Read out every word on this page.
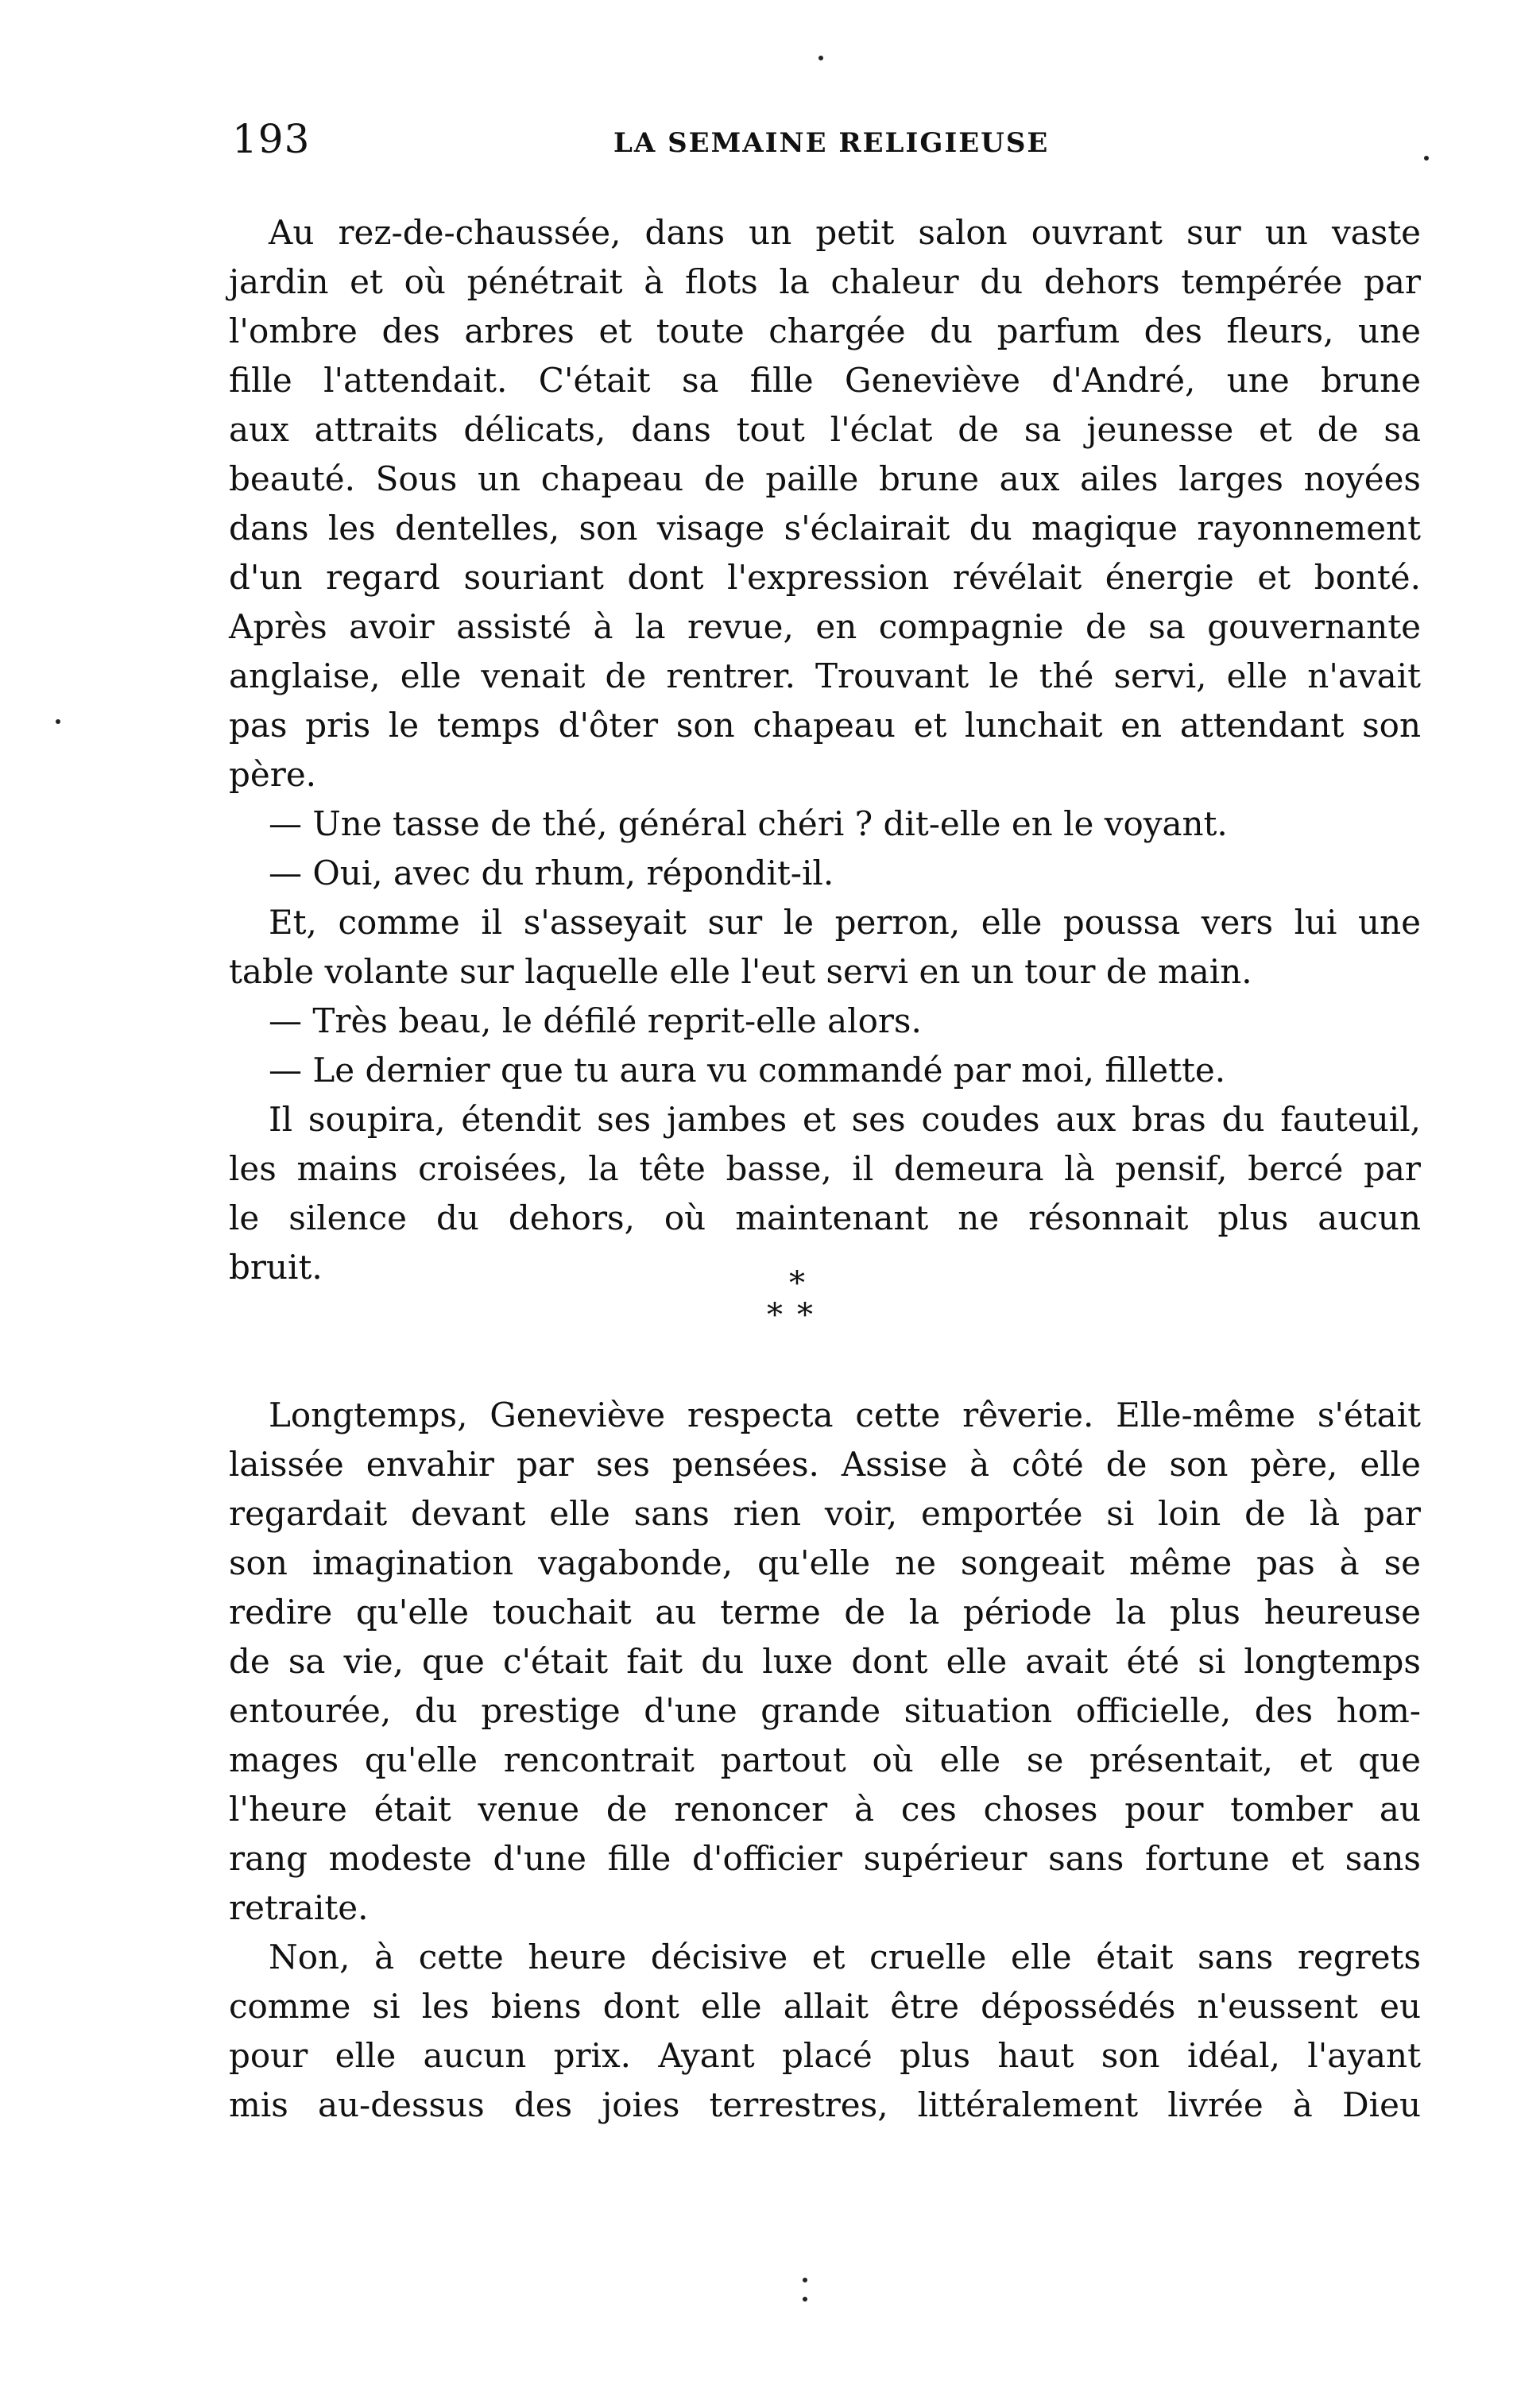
193	LA SEMAINE RELIGIEUSE
Au rez-de-chaussée, dans un petit salon ouvrant sur un vaste
jardin et où pénétrait à flots la chaleur du dehors tempérée par
l'ombre des arbres et toute chargée du parfum des fleurs, une
fille l'attendait. C'était sa fille Geneviève d'André, une brune
aux attraits délicats, dans tout l'éclat de sa jeunesse et de sa
beauté. Sous un chapeau de paille brune aux ailes larges noyées
dans les dentelles, son visage s'éclairait du magique rayonnement
d'un regard souriant dont l'expression révélait énergie et bonté.
Après avoir assisté à la revue, en compagnie de sa gouvernante
anglaise, elle venait de rentrer. Trouvant le thé servi, elle n'avait
pas pris le temps d'ôter son chapeau et lunchait en attendant son
père.
— Une tasse de thé, général chéri ? dit-elle en le voyant.
— Oui, avec du rhum, répondit-il.
Et, comme il s'asseyait sur le perron, elle poussa vers lui une
table volante sur laquelle elle l'eut servi en un tour de main.
— Très beau, le défilé reprit-elle alors.
— Le dernier que tu aura vu commandé par moi, fillette.
Il soupira, étendit ses jambes et ses coudes aux bras du fauteuil,
les mains croisées, la tête basse, il demeura là pensif, bercé par
le silence du dehors, où maintenant ne résonnait plus aucun
bruit.	*
**
Longtemps, Geneviève respecta cette rêverie. Elle-même s'était
laissée envahir par ses pensées. Assise à côté de son père, elle
regardait devant elle sans rien voir, emportée si loin de là par
son imagination vagabonde, qu'elle ne songeait même pas à se
redire qu'elle touchait au terme de la période la plus heureuse
de sa vie, que c'était fait du luxe dont elle avait été si longtemps
entourée, du prestige d'une grande situation officielle, des hom-
mages qu'elle rencontrait partout où elle se présentait, et que
l'heure était venue de renoncer à ces choses pour tomber au
rang modeste d'une fille d'officier supérieur sans fortune et sans
retraite.
Non, à cette heure décisive et cruelle elle était sans regrets
comme si les biens dont elle allait être dépossédés n'eussent eu
pour elle aucun prix. Ayant placé plus haut son idéal, l'ayant
mis au-dessus des joies terrestres, littéralement livrée à Dieu
